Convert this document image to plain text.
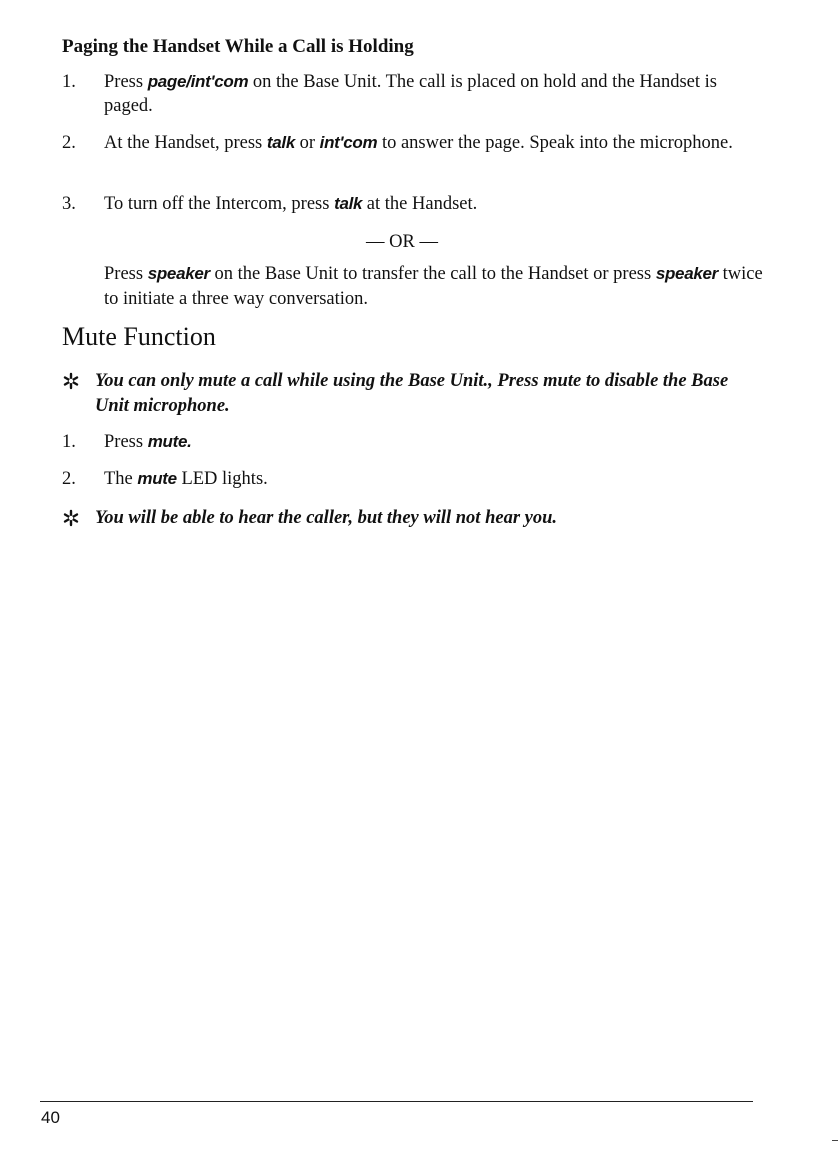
Paging the Handset While a Call is Holding
1.	Press page/int'com on the Base Unit. The call is placed on hold and the Handset is paged.
2.	At the Handset, press talk or int'com to answer the page. Speak into the microphone.
3.	To turn off the Intercom, press talk at the Handset.
— OR —
Press speaker on the Base Unit to transfer the call to the Handset or press speaker twice to initiate a three way conversation.
Mute Function
You can only mute a call while using the Base Unit., Press mute to disable the Base Unit microphone.
1.	Press mute.
2.	The mute LED lights.
You will be able to hear the caller, but they will not hear you.
40
